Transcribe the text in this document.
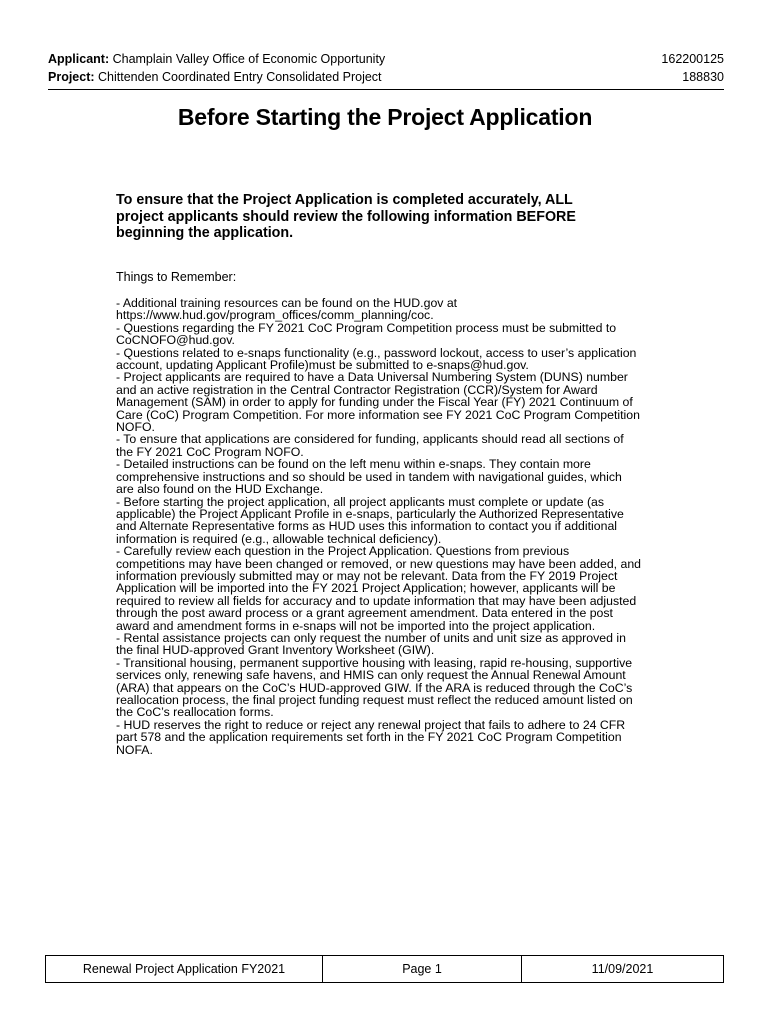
Applicant: Champlain Valley Office of Economic Opportunity	162200125
Project: Chittenden Coordinated Entry Consolidated Project	188830
Before Starting the Project Application
To ensure that the Project Application is completed accurately, ALL project applicants should review the following information BEFORE beginning the application.
Things to Remember:
- Additional training resources can be found on the HUD.gov at
https://www.hud.gov/program_offices/comm_planning/coc.
- Questions regarding the FY 2021 CoC Program Competition process must be submitted to
CoCNOFO@hud.gov.
- Questions related to e-snaps functionality (e.g., password lockout, access to user’s application
account, updating Applicant Profile)must be submitted to e-snaps@hud.gov.
- Project applicants are required to have a Data Universal Numbering System (DUNS) number
and an active registration in the Central Contractor Registration (CCR)/System for Award
Management (SAM) in order to apply for funding under the Fiscal Year (FY) 2021 Continuum of
Care (CoC) Program Competition. For more information see FY 2021 CoC Program Competition
NOFO.
- To ensure that applications are considered for funding, applicants should read all sections of
the FY 2021 CoC Program NOFO.
- Detailed instructions can be found on the left menu within e-snaps. They contain more
comprehensive instructions and so should be used in tandem with navigational guides, which
are also found on the HUD Exchange.
- Before starting the project application, all project applicants must complete or update (as
applicable) the Project Applicant Profile in e-snaps, particularly the Authorized Representative
and Alternate Representative forms as HUD uses this information to contact you if additional
information is required (e.g., allowable technical deficiency).
- Carefully review each question in the Project Application. Questions from previous
competitions may have been changed or removed, or new questions may have been added, and
information previously submitted may or may not be relevant. Data from the FY 2019 Project
Application will be imported into the FY 2021 Project Application; however, applicants will be
required to review all fields for accuracy and to update information that may have been adjusted
through the post award process or a grant agreement amendment. Data entered in the post
award and amendment forms in e-snaps will not be imported into the project application.
- Rental assistance projects can only request the number of units and unit size as approved in
the final HUD-approved Grant Inventory Worksheet (GIW).
- Transitional housing, permanent supportive housing with leasing, rapid re-housing, supportive
services only, renewing safe havens, and HMIS can only request the Annual Renewal Amount
(ARA) that appears on the CoC’s HUD-approved GIW. If the ARA is reduced through the CoC’s
reallocation process, the final project funding request must reflect the reduced amount listed on
the CoC’s reallocation forms.
- HUD reserves the right to reduce or reject any renewal project that fails to adhere to 24 CFR
part 578 and the application requirements set forth in the FY 2021 CoC Program Competition
NOFA.
Renewal Project Application FY2021	Page 1	11/09/2021
